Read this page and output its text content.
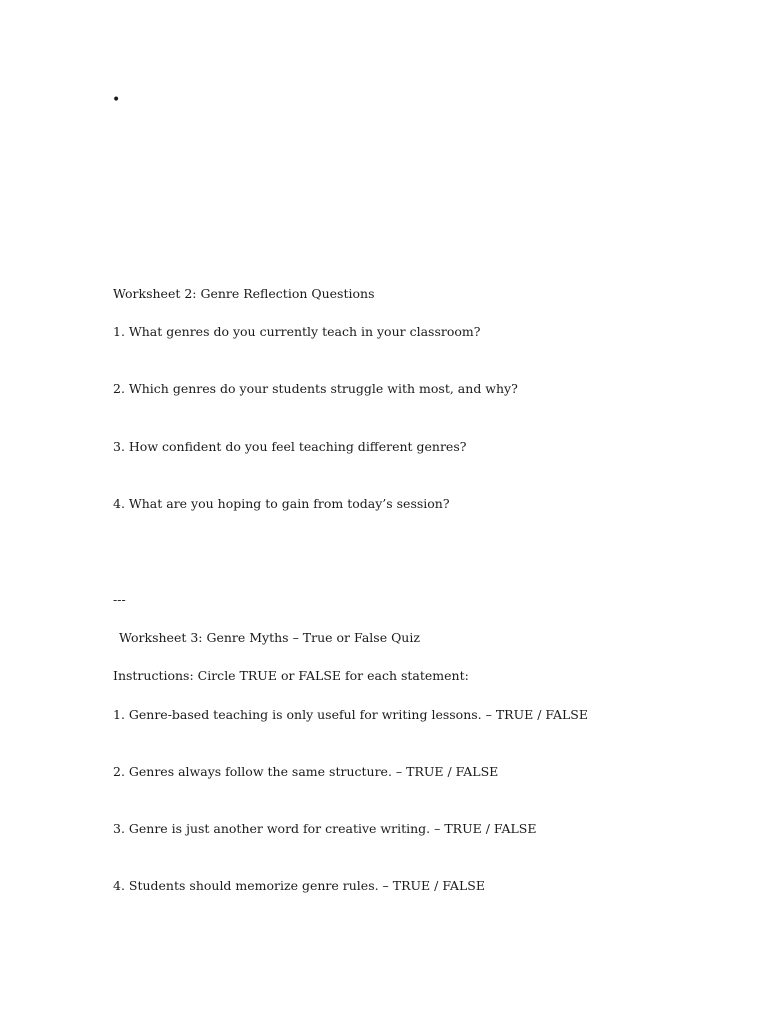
•
Worksheet 2: Genre Reflection Questions
1. What genres do you currently teach in your classroom?
2. Which genres do your students struggle with most, and why?
3. How confident do you feel teaching different genres?
4. What are you hoping to gain from today’s session?
---
Worksheet 3: Genre Myths – True or False Quiz
Instructions: Circle TRUE or FALSE for each statement:
1. Genre-based teaching is only useful for writing lessons. – TRUE / FALSE
2. Genres always follow the same structure. – TRUE / FALSE
3. Genre is just another word for creative writing. – TRUE / FALSE
4. Students should memorize genre rules. – TRUE / FALSE
